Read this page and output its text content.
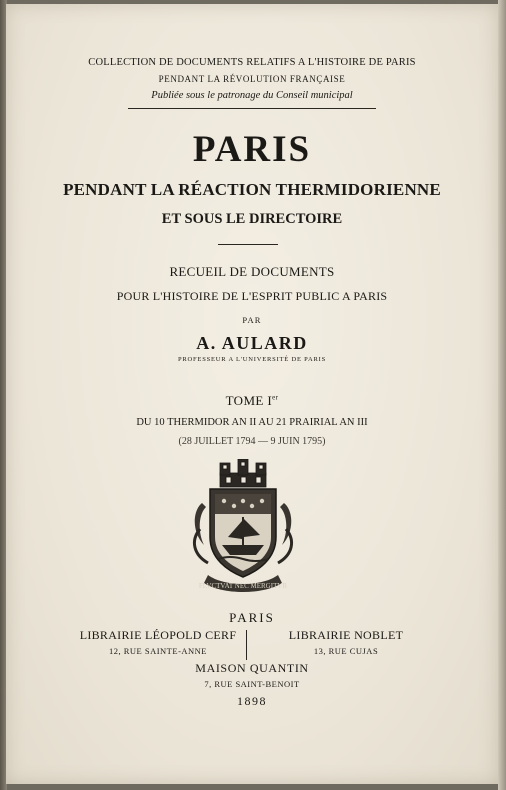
COLLECTION DE DOCUMENTS RELATIFS A L'HISTOIRE DE PARIS
PENDANT LA RÉVOLUTION FRANÇAISE
Publiée sous le patronage du Conseil municipal
PARIS
PENDANT LA RÉACTION THERMIDORIENNE
ET SOUS LE DIRECTOIRE
RECUEIL DE DOCUMENTS
POUR L'HISTOIRE DE L'ESPRIT PUBLIC A PARIS
PAR
A. AULARD
PROFESSEUR A L'UNIVERSITÉ DE PARIS
TOME Ier
DU 10 THERMIDOR AN II AU 21 PRAIRIAL AN III
(28 JUILLET 1794 — 9 JUIN 1795)
FLVCTVAT NEC MERGITVR
PARIS
LIBRAIRIE LÉOPOLD CERF
12, RUE SAINTE-ANNE
LIBRAIRIE NOBLET
13, RUE CUJAS
MAISON QUANTIN
7, RUE SAINT-BENOIT
1898
